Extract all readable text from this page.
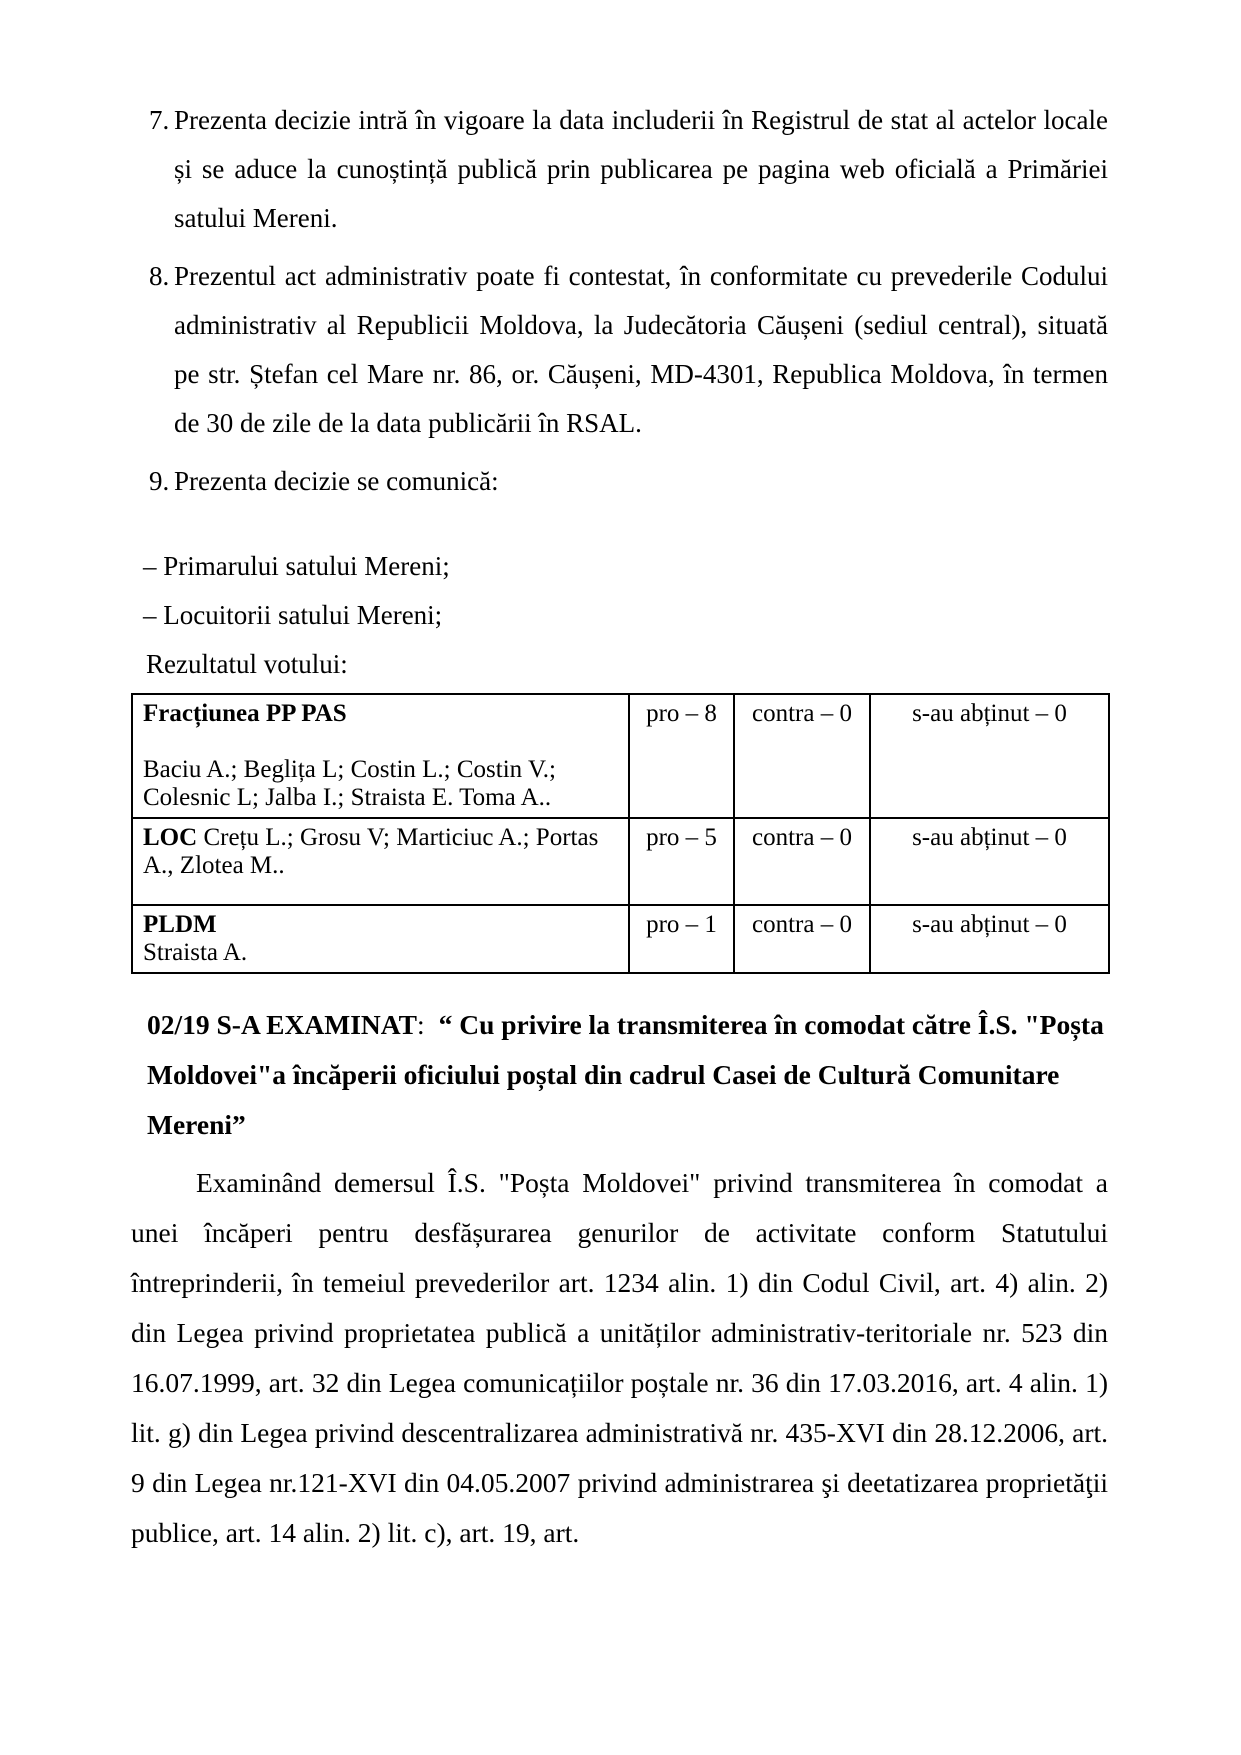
7. Prezenta decizie intră în vigoare la data includerii în Registrul de stat al actelor locale și se aduce la cunoștință publică prin publicarea pe pagina web oficială a Primăriei satului Mereni.
8. Prezentul act administrativ poate fi contestat, în conformitate cu prevederile Codului administrativ al Republicii Moldova, la Judecătoria Căușeni (sediul central), situată pe str. Ștefan cel Mare nr. 86, or. Căușeni, MD-4301, Republica Moldova, în termen de 30 de zile de la data publicării în RSAL.
9. Prezenta decizie se comunică:
– Primarului satului Mereni;
– Locuitorii satului Mereni;
Rezultatul votului:
Fracțiunea PP PAS
Baciu A.; Beglița L; Costin L.; Costin V.; Colesnic L; Jalba I.; Straista E. Toma A..	pro – 8	contra – 0	s-au abținut – 0
LOC Crețu L.; Grosu V; Marticiuc A.; Portas A., Zlotea M..	pro – 5	contra – 0	s-au abținut – 0

PLDM
Straista A.	pro – 1	contra – 0	s-au abținut – 0
02/19 S-A EXAMINAT: “ Cu privire la transmiterea în comodat către Î.S. "Poșta Moldovei"a încăperii oficiului poștal din cadrul Casei de Cultură Comunitare Mereni”

Examinând demersul Î.S. "Poșta Moldovei" privind transmiterea în comodat a unei încăperi pentru desfășurarea genurilor de activitate conform Statutului întreprinderii, în temeiul prevederilor art. 1234 alin. 1) din Codul Civil, art. 4) alin. 2) din Legea privind proprietatea publică a unităților administrativ-teritoriale nr. 523 din 16.07.1999, art. 32 din Legea comunicațiilor poștale nr. 36 din 17.03.2016, art. 4 alin. 1) lit. g) din Legea privind descentralizarea administrativă nr. 435-XVI din 28.12.2006, art. 9 din Legea nr.121-XVI din 04.05.2007 privind administrarea şi deetatizarea proprietăţii publice, art. 14 alin. 2) lit. c), art. 19, art.
